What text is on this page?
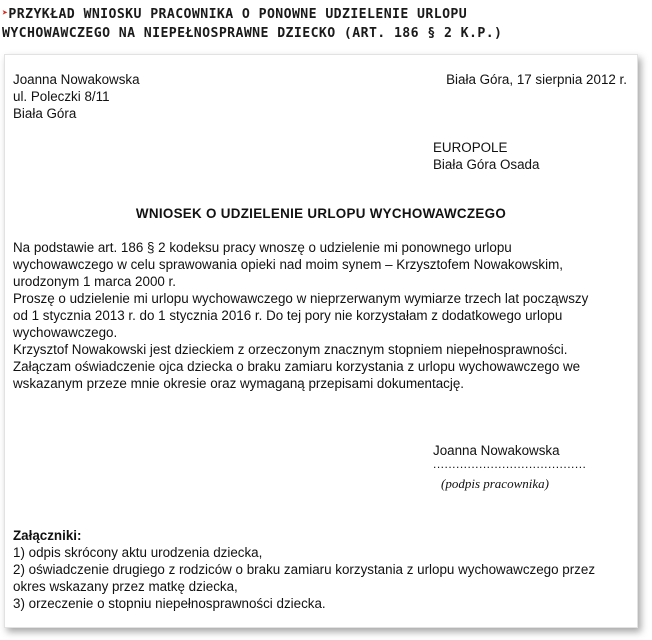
➤PRZYKŁAD WNIOSKU PRACOWNIKA O PONOWNE UDZIELENIE URLOPU
WYCHOWAWCZEGO NA NIEPEŁNOSPRAWNE DZIECKO (ART. 186 § 2 K.P.)
Joanna Nowakowska
ul. Poleczki 8/11
Biała Góra
Biała Góra, 17 sierpnia 2012 r.
EUROPOLE
Biała Góra Osada
WNIOSEK O UDZIELENIE URLOPU WYCHOWAWCZEGO
Na podstawie art. 186 § 2 kodeksu pracy wnoszę o udzielenie mi ponownego urlopu
wychowawczego w celu sprawowania opieki nad moim synem – Krzysztofem Nowakowskim,
urodzonym 1 marca 2000 r.
Proszę o udzielenie mi urlopu wychowawczego w nieprzerwanym wymiarze trzech lat począwszy
od 1 stycznia 2013 r. do 1 stycznia 2016 r. Do tej pory nie korzystałam z dodatkowego urlopu
wychowawczego.
Krzysztof Nowakowski jest dzieckiem z orzeczonym znacznym stopniem niepełnosprawności.
Załączam oświadczenie ojca dziecka o braku zamiaru korzystania z urlopu wychowawczego we
wskazanym przeze mnie okresie oraz wymaganą przepisami dokumentację.
Joanna Nowakowska
........................................
(podpis pracownika)
Załączniki:
1) odpis skrócony aktu urodzenia dziecka,
2) oświadczenie drugiego z rodziców o braku zamiaru korzystania z urlopu wychowawczego przez
okres wskazany przez matkę dziecka,
3) orzeczenie o stopniu niepełnosprawności dziecka.
